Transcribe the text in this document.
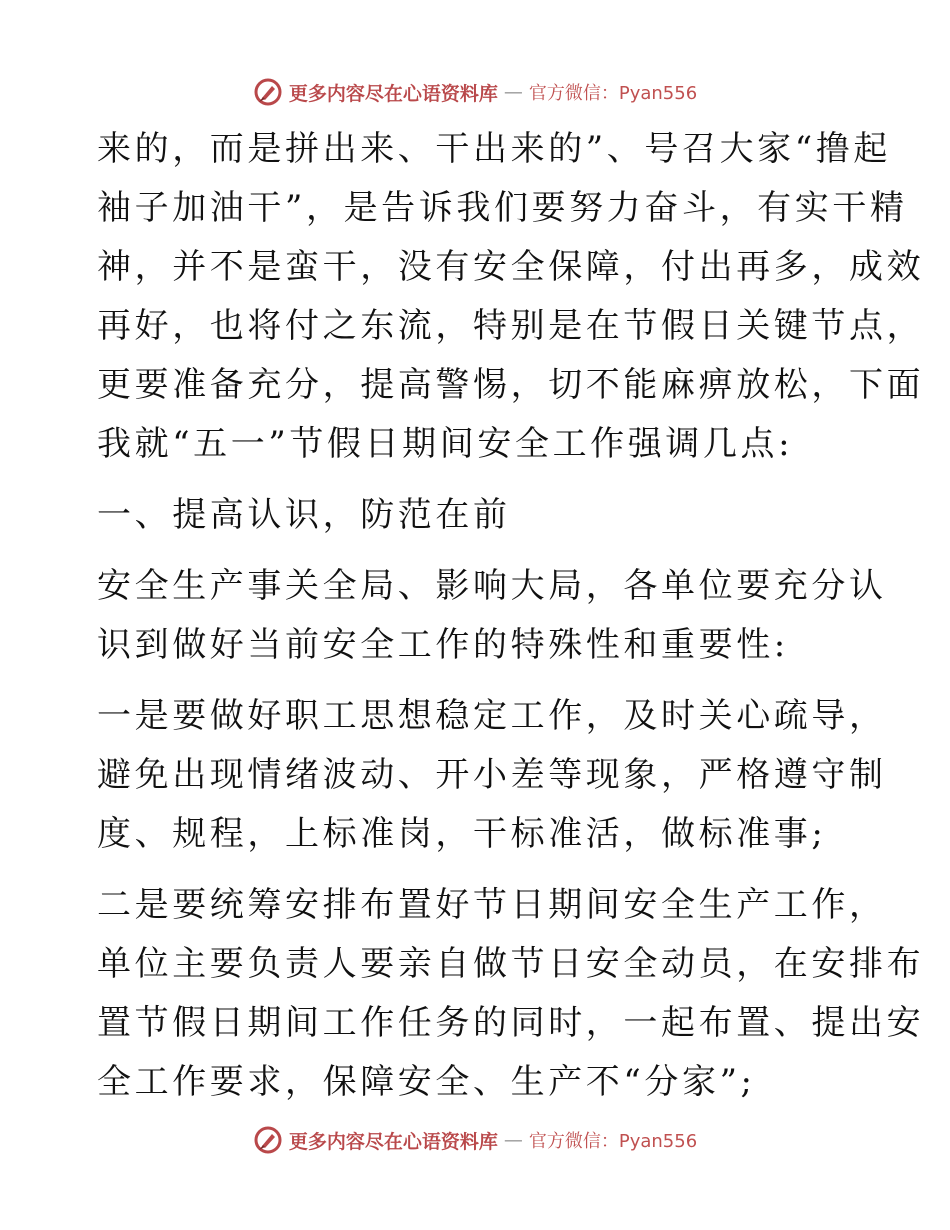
更多内容尽在心语资料库 — 官方微信：Pyan556
来的，而是拼出来、干出来的”、号召大家“撸起
袖子加油干”，是告诉我们要努力奋斗，有实干精
神，并不是蛮干，没有安全保障，付出再多，成效
再好，也将付之东流，特别是在节假日关键节点，
更要准备充分，提高警惕，切不能麻痹放松，下面
我就“五一”节假日期间安全工作强调几点:
一、提高认识，防范在前
安全生产事关全局、影响大局，各单位要充分认
识到做好当前安全工作的特殊性和重要性:
一是要做好职工思想稳定工作，及时关心疏导，
避免出现情绪波动、开小差等现象，严格遵守制
度、规程，上标准岗，干标准活，做标准事;
二是要统筹安排布置好节日期间安全生产工作，
单位主要负责人要亲自做节日安全动员，在安排布
置节假日期间工作任务的同时，一起布置、提出安
全工作要求，保障安全、生产不“分家”;
更多内容尽在心语资料库 — 官方微信：Pyan556
